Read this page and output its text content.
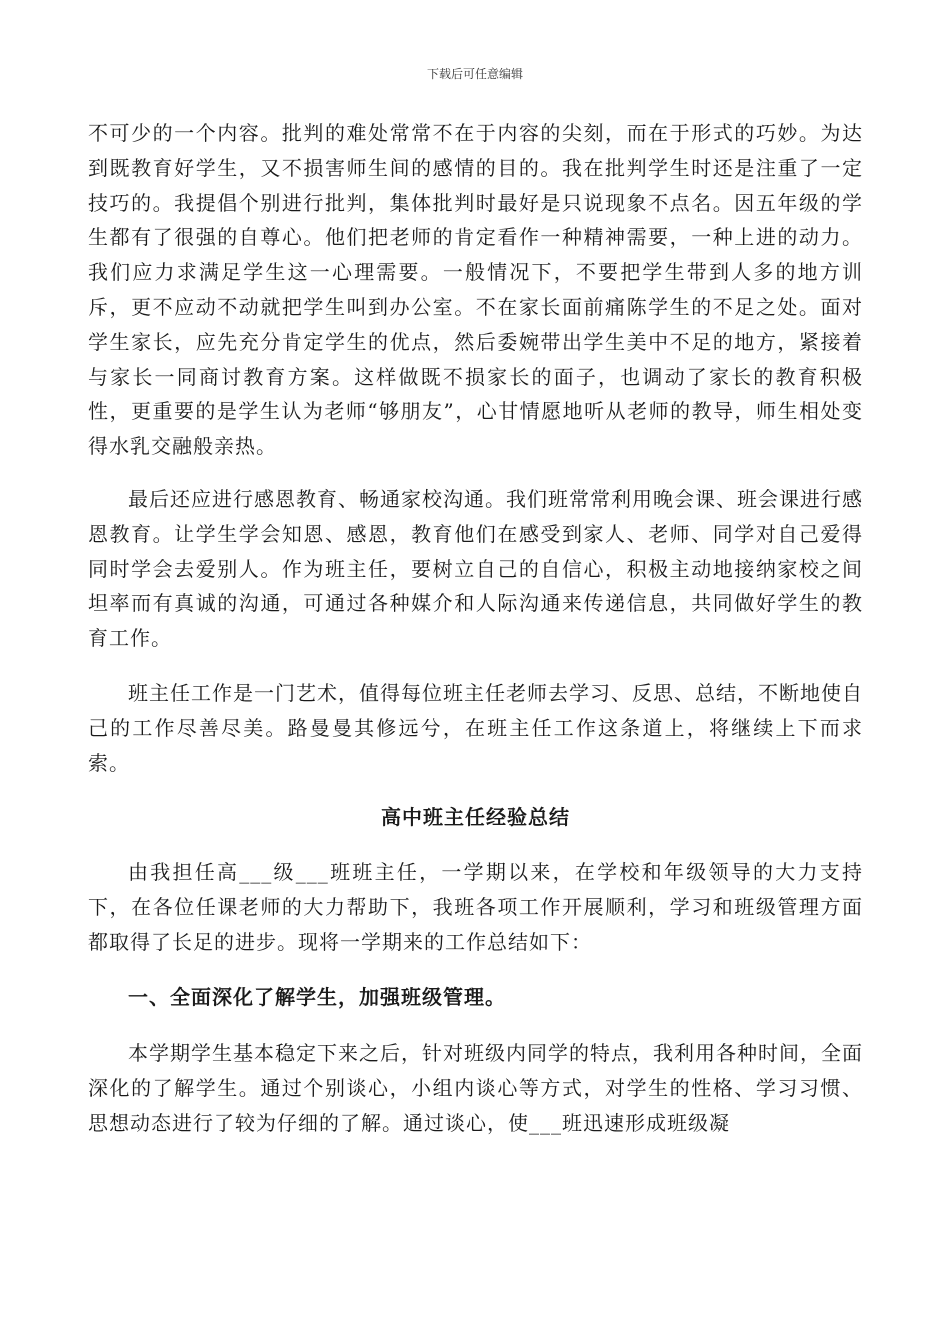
下载后可任意编辑

不可少的一个内容。批判的难处常常不在于内容的尖刻，而在于形式的巧妙。为达到既教育好学生，又不损害师生间的感情的目的。我在批判学生时还是注重了一定技巧的。我提倡个别进行批判，集体批判时最好是只说现象不点名。因五年级的学生都有了很强的自尊心。他们把老师的肯定看作一种精神需要，一种上进的动力。我们应力求满足学生这一心理需要。一般情况下，不要把学生带到人多的地方训斥，更不应动不动就把学生叫到办公室。不在家长面前痛陈学生的不足之处。面对学生家长，应先充分肯定学生的优点，然后委婉带出学生美中不足的地方，紧接着与家长一同商讨教育方案。这样做既不损家长的面子，也调动了家长的教育积极性，更重要的是学生认为老师“够朋友”，心甘情愿地听从老师的教导，师生相处变得水乳交融般亲热。

最后还应进行感恩教育、畅通家校沟通。我们班常常利用晚会课、班会课进行感恩教育。让学生学会知恩、感恩，教育他们在感受到家人、老师、同学对自己爱得同时学会去爱别人。作为班主任，要树立自己的自信心，积极主动地接纳家校之间坦率而有真诚的沟通，可通过各种媒介和人际沟通来传递信息，共同做好学生的教育工作。

班主任工作是一门艺术，值得每位班主任老师去学习、反思、总结，不断地使自己的工作尽善尽美。路曼曼其修远兮，在班主任工作这条道上，将继续上下而求索。

高中班主任经验总结

由我担任高___级___班班主任，一学期以来，在学校和年级领导的大力支持下，在各位任课老师的大力帮助下，我班各项工作开展顺利，学习和班级管理方面都取得了长足的进步。现将一学期来的工作总结如下：

一、全面深化了解学生，加强班级管理。

本学期学生基本稳定下来之后，针对班级内同学的特点，我利用各种时间，全面深化的了解学生。通过个别谈心，小组内谈心等方式，对学生的性格、学习习惯、思想动态进行了较为仔细的了解。通过谈心，使___班迅速形成班级凝
